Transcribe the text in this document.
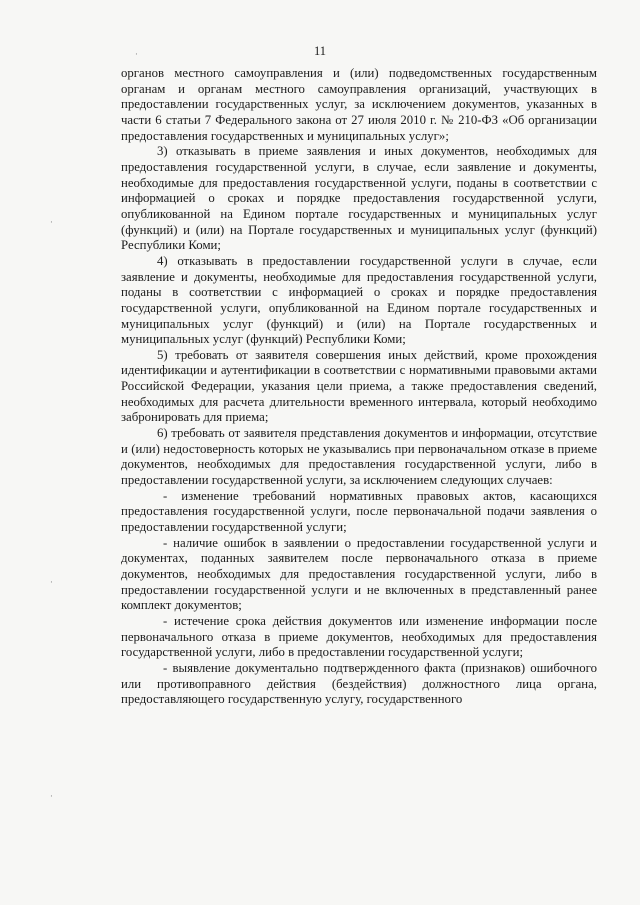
11
·
·
·
·

органов местного самоуправления и (или) подведомственных государственным органам и органам местного самоуправления организаций, участвующих в предоставлении государственных услуг, за исключением документов, указанных в части 6 статьи 7 Федерального закона от 27 июля 2010 г. № 210-ФЗ «Об организации предоставления государственных и муниципальных услуг»;

3) отказывать в приеме заявления и иных документов, необходимых для предоставления государственной услуги, в случае, если заявление и документы, необходимые для предоставления государственной услуги, поданы в соответствии с информацией о сроках и порядке предоставления государственной услуги, опубликованной на Едином портале государственных и муниципальных услуг (функций) и (или) на Портале государственных и муниципальных услуг (функций) Республики Коми;

4) отказывать в предоставлении государственной услуги в случае, если заявление и документы, необходимые для предоставления государственной услуги, поданы в соответствии с информацией о сроках и порядке предоставления государственной услуги, опубликованной на Едином портале государственных и муниципальных услуг (функций) и (или) на Портале государственных и муниципальных услуг (функций) Республики Коми;

5) требовать от заявителя совершения иных действий, кроме прохождения идентификации и аутентификации в соответствии с нормативными правовыми актами Российской Федерации, указания цели приема, а также предоставления сведений, необходимых для расчета длительности временного интервала, который необходимо забронировать для приема;

6) требовать от заявителя представления документов и информации, отсутствие и (или) недостоверность которых не указывались при первоначальном отказе в приеме документов, необходимых для предоставления государственной услуги, либо в предоставлении государственной услуги, за исключением следующих случаев:

- изменение требований нормативных правовых актов, касающихся предоставления государственной услуги, после первоначальной подачи заявления о предоставлении государственной услуги;

- наличие ошибок в заявлении о предоставлении государственной услуги и документах, поданных заявителем после первоначального отказа в приеме документов, необходимых для предоставления государственной услуги, либо в предоставлении государственной услуги и не включенных в представленный ранее комплект документов;

- истечение срока действия документов или изменение информации после первоначального отказа в приеме документов, необходимых для предоставления государственной услуги, либо в предоставлении государственной услуги;

- выявление документально подтвержденного факта (признаков) ошибочного или противоправного действия (бездействия) должностного лица органа, предоставляющего государственную услугу, государственного
